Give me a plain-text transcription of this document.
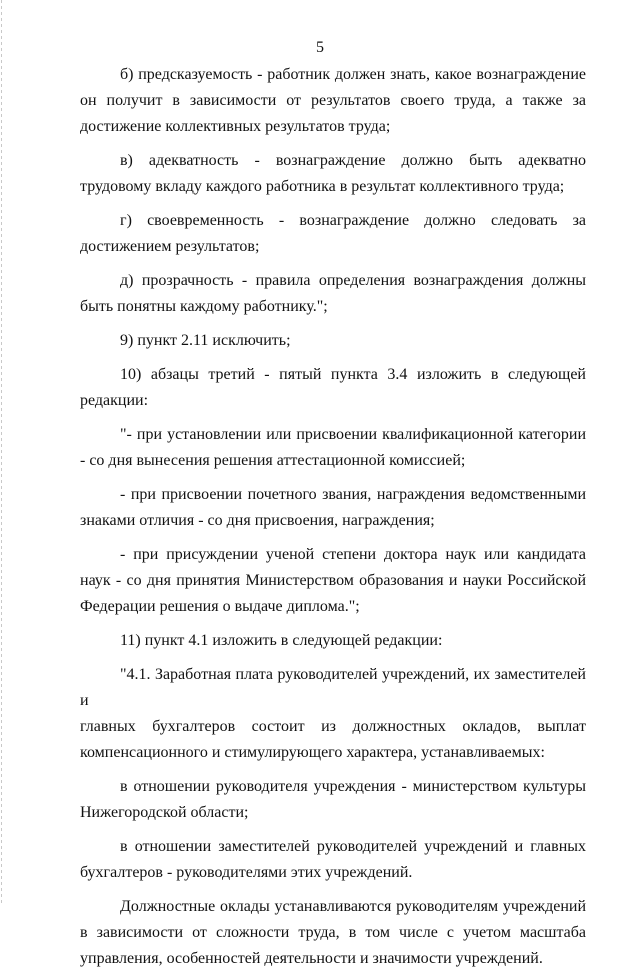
5

б) предсказуемость - работник должен знать, какое вознаграждение он получит в зависимости от результатов своего труда, а также за достижение коллективных результатов труда;

в) адекватность - вознаграждение должно быть адекватно трудовому вкладу каждого работника в результат коллективного труда;

г) своевременность - вознаграждение должно следовать за
достижением результатов;

д) прозрачность - правила определения вознаграждения должны быть понятны каждому работнику.";

9) пункт 2.11 исключить;

10) абзацы третий - пятый пункта 3.4 изложить в следующей редакции:

"- при установлении или присвоении квалификационной категории - со дня вынесения решения аттестационной комиссией;

- при присвоении почетного звания, награждения ведомственными знаками отличия - со дня присвоения, награждения;

- при присуждении ученой степени доктора наук или кандидата наук - со дня принятия Министерством образования и науки Российской Федерации решения о выдаче диплома.";

11) пункт 4.1 изложить в следующей редакции:

"4.1. Заработная плата руководителей учреждений, их заместителей и
главных бухгалтеров состоит из должностных окладов, выплат
компенсационного и стимулирующего характера, устанавливаемых:

в отношении руководителя учреждения - министерством культуры Нижегородской области;

в отношении заместителей руководителей учреждений и главных бухгалтеров - руководителями этих учреждений.

Должностные оклады устанавливаются руководителям учреждений в зависимости от сложности труда, в том числе с учетом масштаба управления, особенностей деятельности и значимости учреждений.
